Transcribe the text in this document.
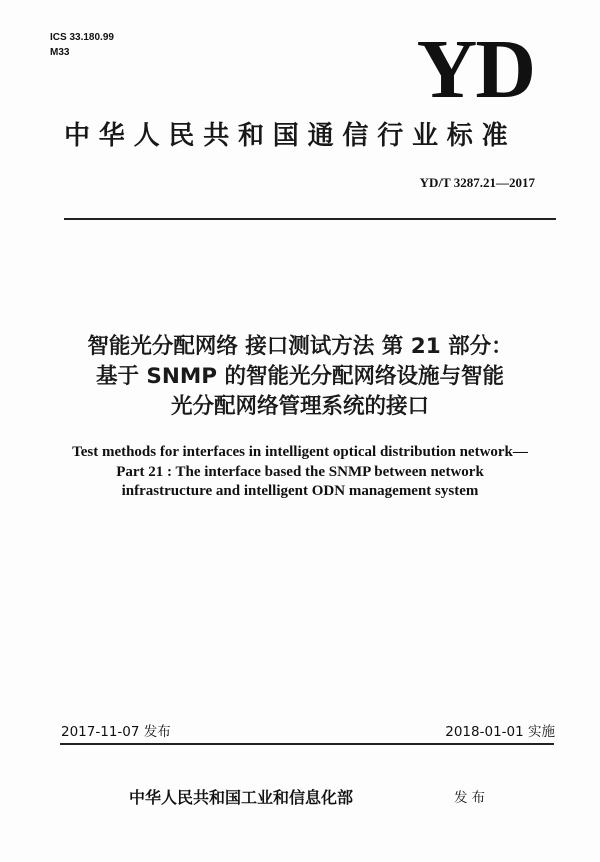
ICS 33.180.99
M33	YD
中华人民共和国通信行业标准
YD/T 3287.21—2017
智能光分配网络 接口测试方法 第 21 部分：
基于 SNMP 的智能光分配网络设施与智能
光分配网络管理系统的接口
Test methods for interfaces in intelligent optical distribution network—
Part 21 : The interface based the SNMP between network
infrastructure and intelligent ODN management system
2017-11-07 发布	2018-01-01 实施
中华人民共和国工业和信息化部	发布
